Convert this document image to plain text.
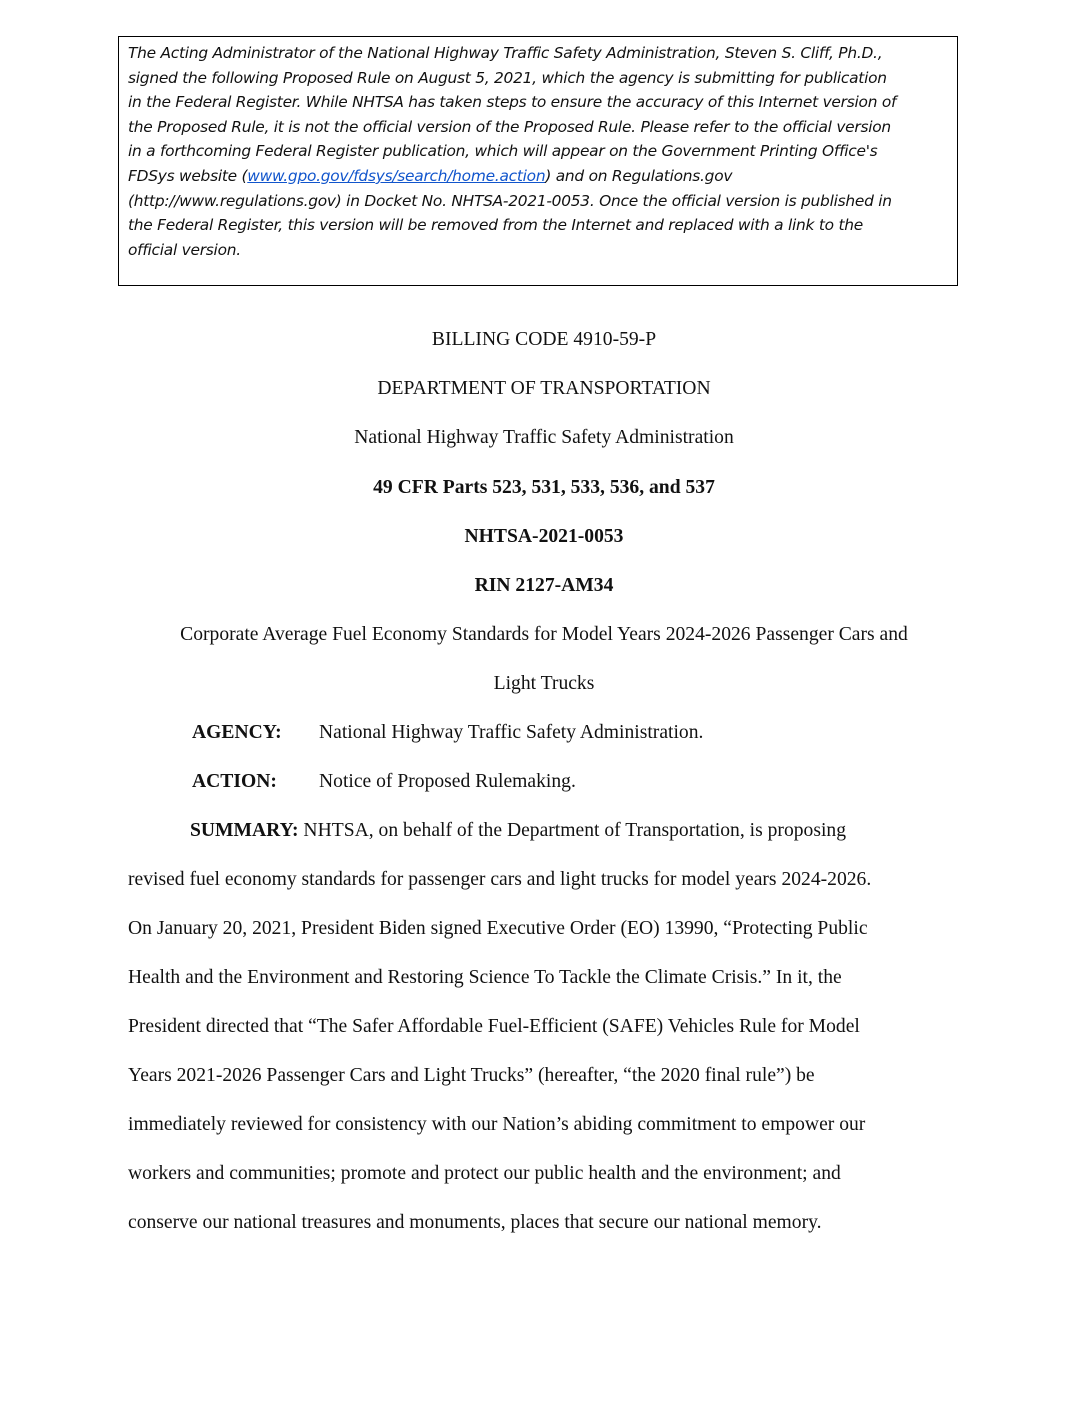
The Acting Administrator of the National Highway Traffic Safety Administration, Steven S. Cliff, Ph.D.,
signed the following Proposed Rule on August 5, 2021, which the agency is submitting for publication
in the Federal Register. While NHTSA has taken steps to ensure the accuracy of this Internet version of
the Proposed Rule, it is not the official version of the Proposed Rule. Please refer to the official version
in a forthcoming Federal Register publication, which will appear on the Government Printing Office's
FDSys website (www.gpo.gov/fdsys/search/home.action) and on Regulations.gov
(http://www.regulations.gov) in Docket No. NHTSA-2021-0053. Once the official version is published in
the Federal Register, this version will be removed from the Internet and replaced with a link to the
official version.
BILLING CODE 4910-59-P
DEPARTMENT OF TRANSPORTATION
National Highway Traffic Safety Administration
49 CFR Parts 523, 531, 533, 536, and 537
NHTSA-2021-0053
RIN 2127-AM34
Corporate Average Fuel Economy Standards for Model Years 2024-2026 Passenger Cars and
Light Trucks
AGENCY: National Highway Traffic Safety Administration.
ACTION: Notice of Proposed Rulemaking.
SUMMARY: NHTSA, on behalf of the Department of Transportation, is proposing
revised fuel economy standards for passenger cars and light trucks for model years 2024-2026.
On January 20, 2021, President Biden signed Executive Order (EO) 13990, “Protecting Public
Health and the Environment and Restoring Science To Tackle the Climate Crisis.” In it, the
President directed that “The Safer Affordable Fuel-Efficient (SAFE) Vehicles Rule for Model
Years 2021-2026 Passenger Cars and Light Trucks” (hereafter, “the 2020 final rule”) be
immediately reviewed for consistency with our Nation’s abiding commitment to empower our
workers and communities; promote and protect our public health and the environment; and
conserve our national treasures and monuments, places that secure our national memory.
